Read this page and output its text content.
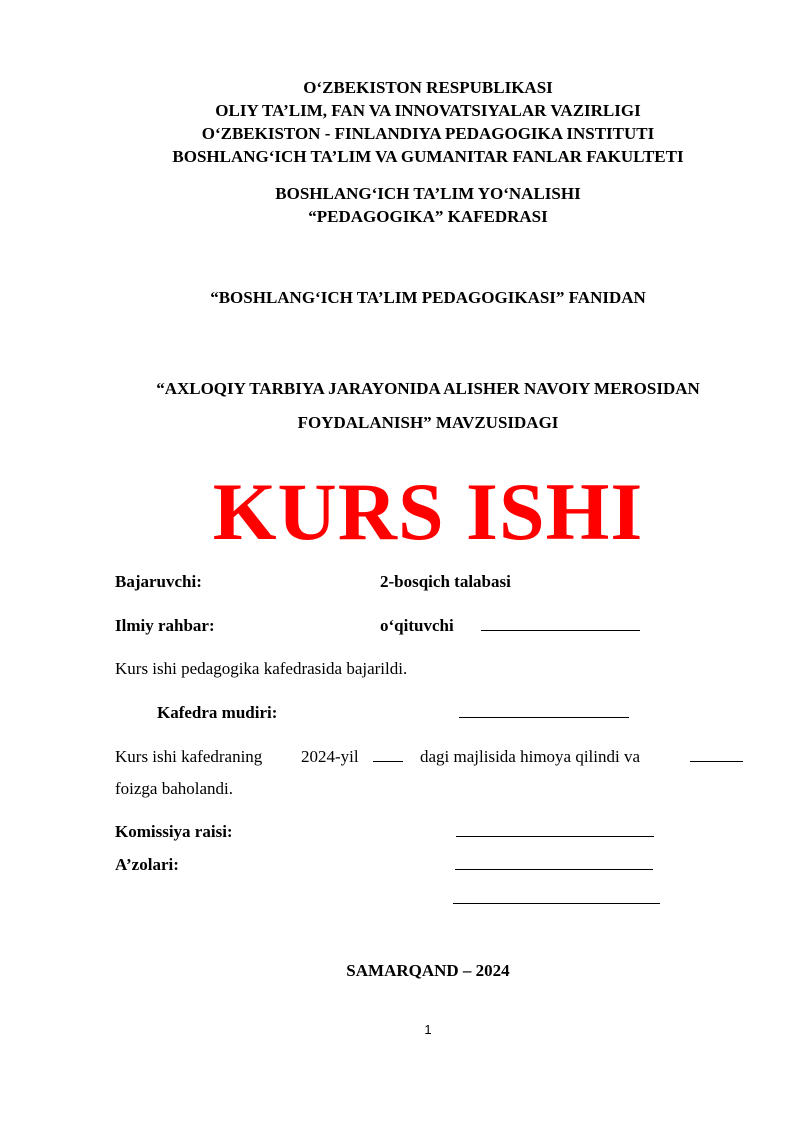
O‘ZBEKISTON RESPUBLIKASI
OLIY TA’LIM, FAN VA INNOVATSIYALAR VAZIRLIGI
O‘ZBEKISTON - FINLANDIYA PEDAGOGIKA INSTITUTI
BOSHLANG‘ICH TA’LIM VA GUMANITAR FANLAR FAKULTETI
BOSHLANG‘ICH TA’LIM YO‘NALISHI
“PEDAGOGIKA” KAFEDRASI
“BOSHLANG‘ICH TA’LIM PEDAGOGIKASI” FANIDAN
“AXLOQIY TARBIYA JARAYONIDA ALISHER NAVOIY MEROSIDAN
FOYDALANISH” MAVZUSIDAGI
KURS ISHI
Bajaruvchi:	2-bosqich talabasi
Ilmiy rahbar:	o‘qituvchi
Kurs ishi pedagogika kafedrasida bajarildi.
Kafedra mudiri:
Kurs ishi kafedraning 2024-yil	dagi majlisida himoya qilindi va
foizga baholandi.
Komissiya raisi:
A’zolari:
SAMARQAND – 2024
1
